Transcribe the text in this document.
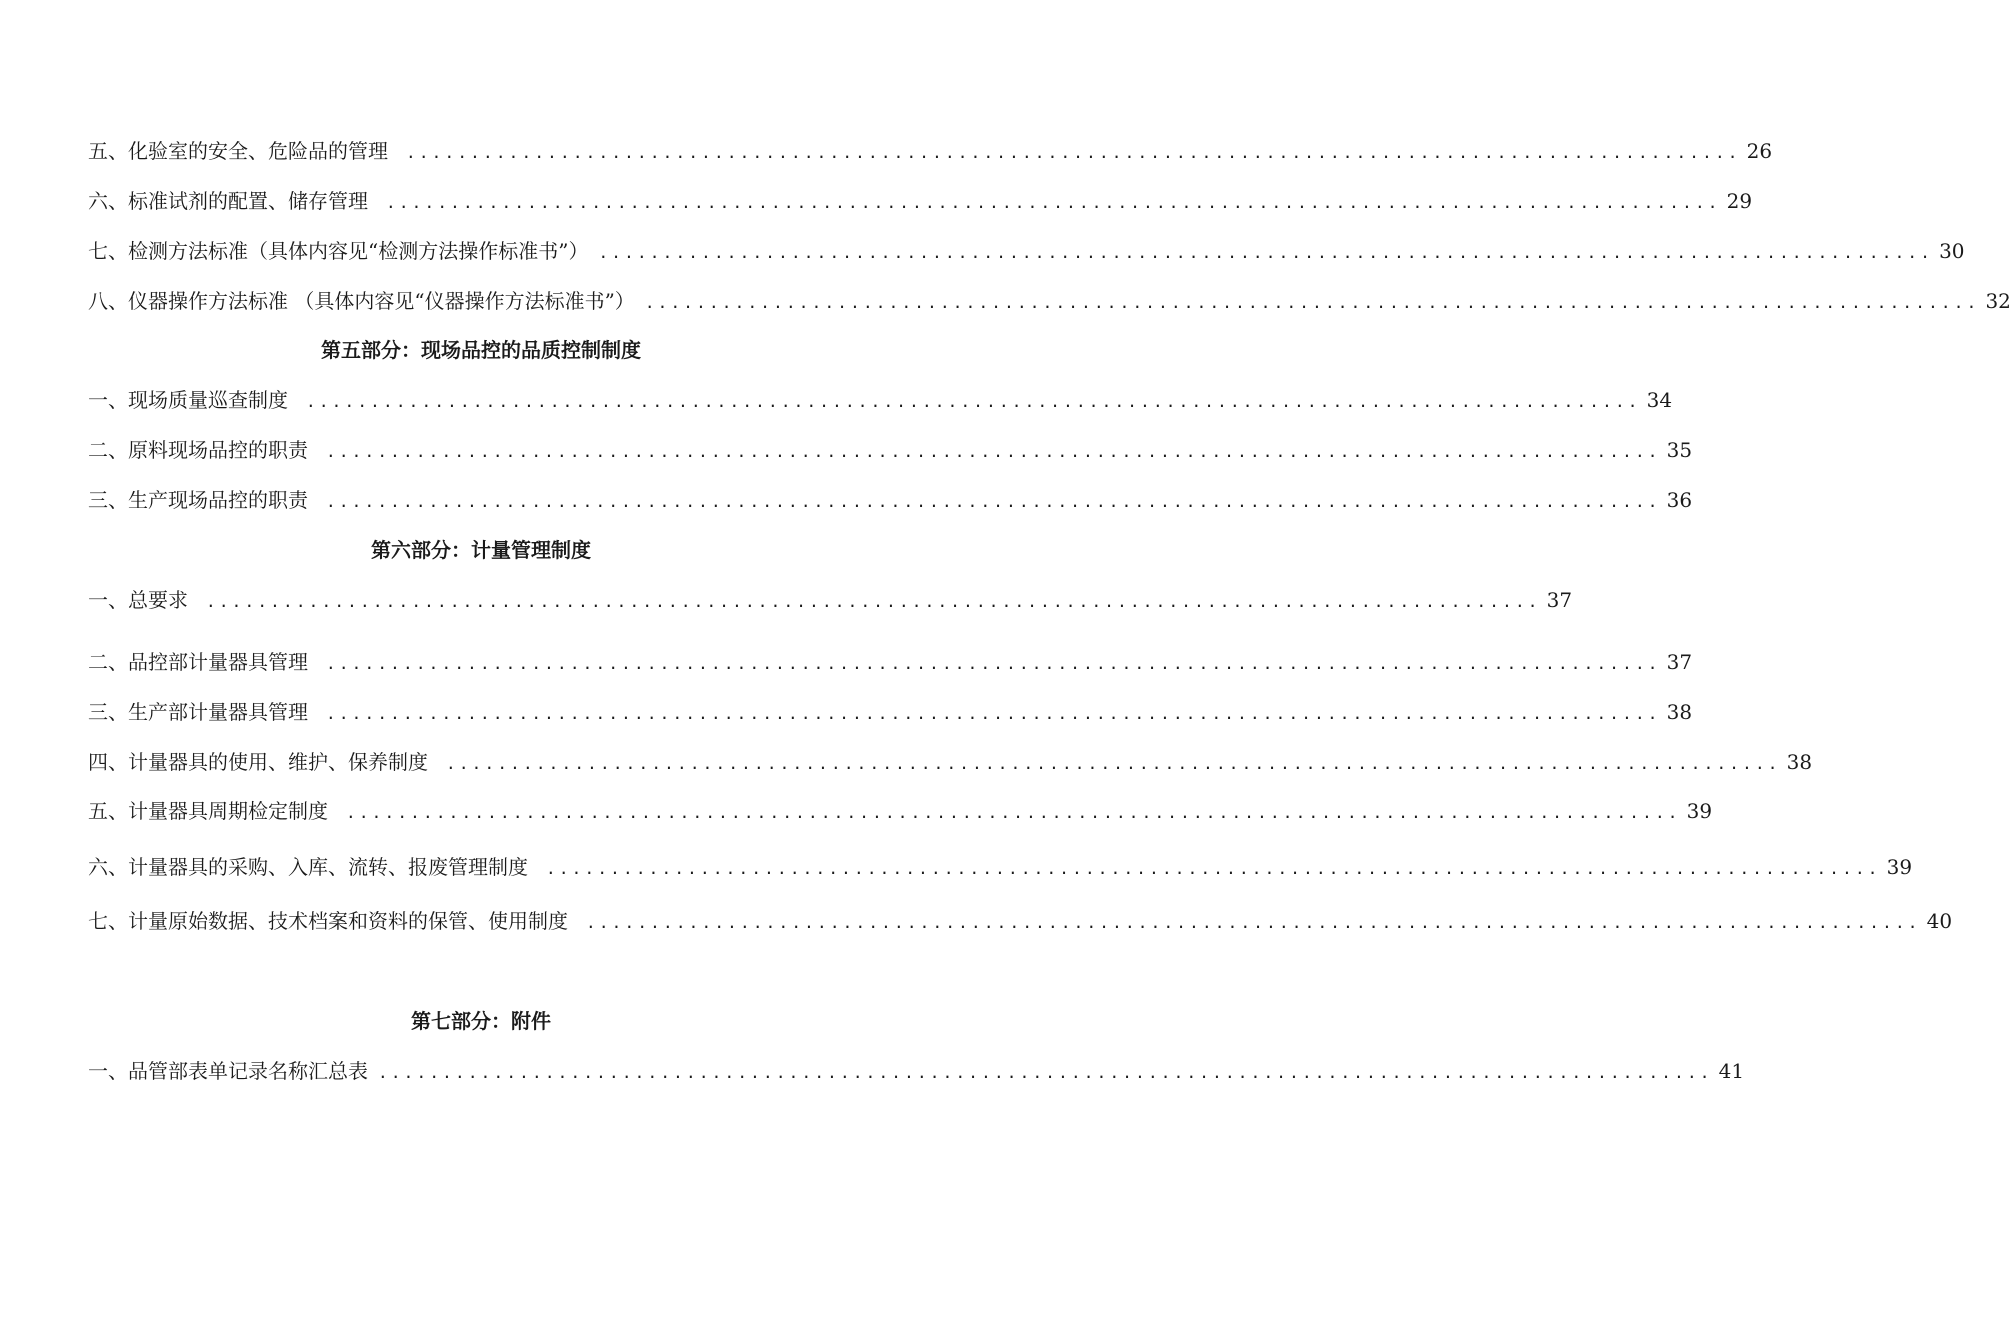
五、化验室的安全、危险品的管理 ........................................................................................................ 26
六、标准试剂的配置、储存管理 ........................................................................................................ 29
七、检测方法标准（具体内容见“检测方法操作标准书”） ........................................................................................................ 30
八、仪器操作方法标准 （具体内容见“仪器操作方法标准书”） ........................................................................................................ 32
第五部分：现场品控的品质控制制度
一、现场质量巡查制度 ........................................................................................................ 34
二、原料现场品控的职责 ........................................................................................................ 35
三、生产现场品控的职责 ........................................................................................................ 36
第六部分：计量管理制度
一、总要求 ........................................................................................................ 37
二、品控部计量器具管理 ........................................................................................................ 37
三、生产部计量器具管理 ........................................................................................................ 38
四、计量器具的使用、维护、保养制度 ........................................................................................................ 38
五、计量器具周期检定制度 ........................................................................................................ 39
六、计量器具的采购、入库、流转、报废管理制度 ........................................................................................................ 39
七、计量原始数据、技术档案和资料的保管、使用制度 ........................................................................................................ 40
第七部分：附件
一、品管部表单记录名称汇总表 ........................................................................................................ 41
